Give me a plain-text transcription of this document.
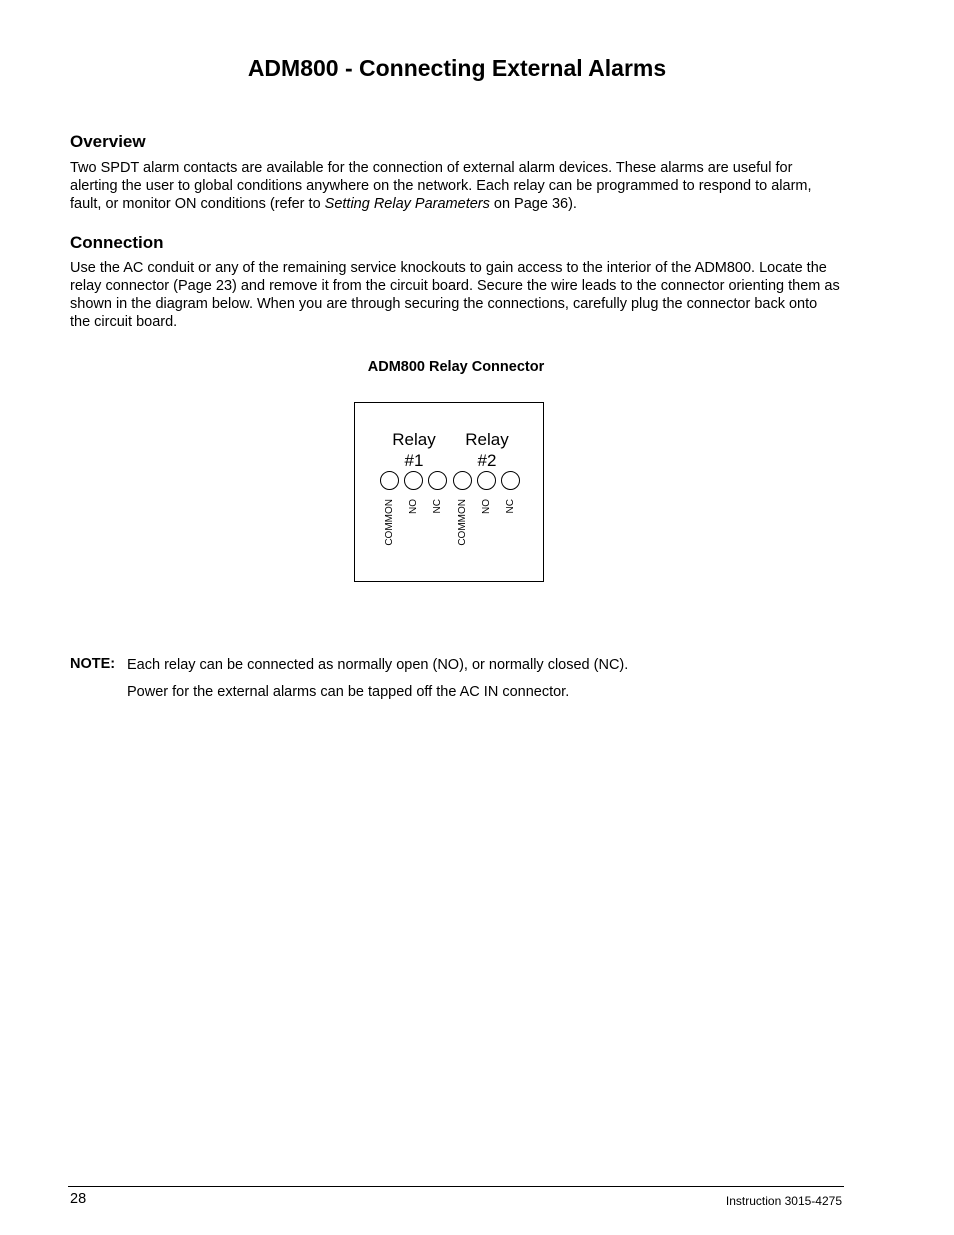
ADM800 - Connecting External Alarms
Overview

Two SPDT alarm contacts are available for the connection of external alarm devices. These alarms are useful for alerting the user to global conditions anywhere on the network. Each relay can be programmed to respond to alarm, fault, or monitor ON conditions (refer to Setting Relay Parameters on Page 36).

Connection

Use the AC conduit or any of the remaining service knockouts to gain access to the interior of the ADM800. Locate the relay connector (Page 23) and remove it from the circuit board. Secure the wire leads to the connector orienting them as shown in the diagram below. When you are through securing the connections, carefully plug the connector back onto the circuit board.

ADM800 Relay Connector
Relay
#1
Relay
#2
COMMON NO NC COMMON NO NC
NOTE: Each relay can be connected as normally open (NO), or normally closed (NC).
Power for the external alarms can be tapped off the AC IN connector.
28	Instruction 3015-4275
